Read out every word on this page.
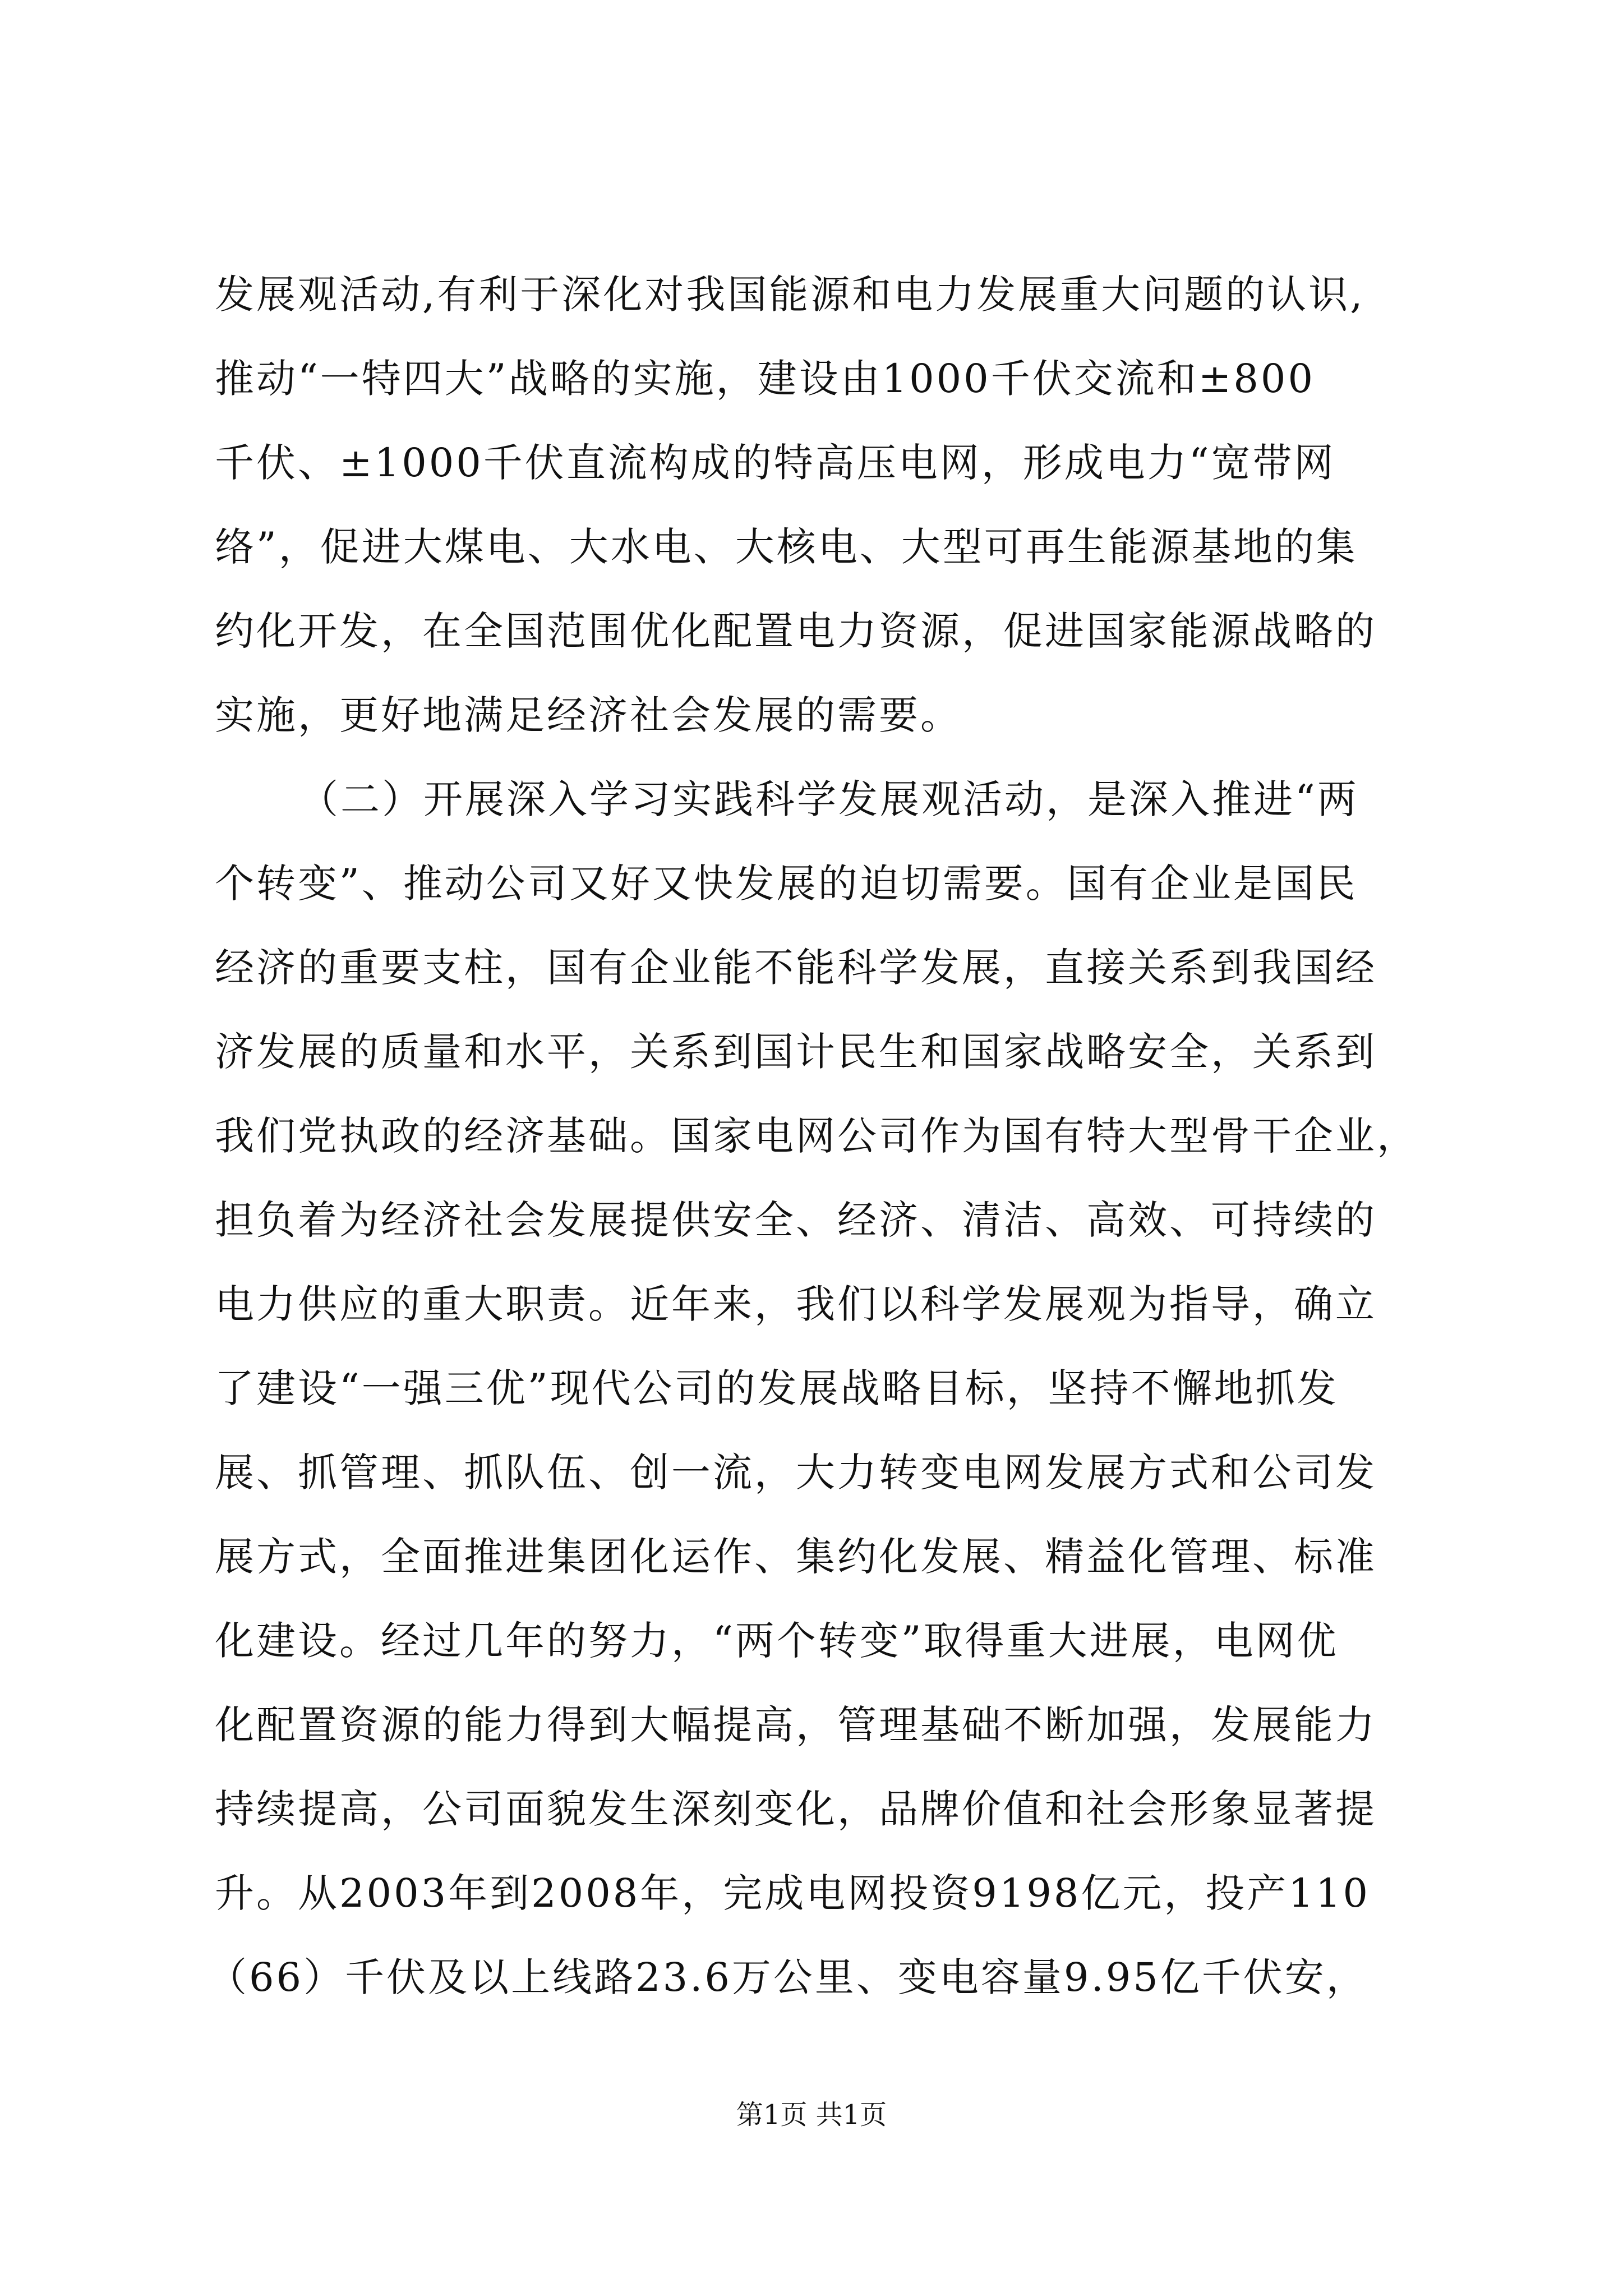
发展观活动,有利于深化对我国能源和电力发展重大问题的认识,
推动“一特四大”战略的实施，建设由1000千伏交流和±800
千伏、±1000千伏直流构成的特高压电网，形成电力“宽带网
络”，促进大煤电、大水电、大核电、大型可再生能源基地的集
约化开发，在全国范围优化配置电力资源，促进国家能源战略的
实施，更好地满足经济社会发展的需要。
（二）开展深入学习实践科学发展观活动，是深入推进“两
个转变”、推动公司又好又快发展的迫切需要。国有企业是国民
经济的重要支柱，国有企业能不能科学发展，直接关系到我国经
济发展的质量和水平，关系到国计民生和国家战略安全，关系到
我们党执政的经济基础。国家电网公司作为国有特大型骨干企业，
担负着为经济社会发展提供安全、经济、清洁、高效、可持续的
电力供应的重大职责。近年来，我们以科学发展观为指导，确立
了建设“一强三优”现代公司的发展战略目标，坚持不懈地抓发
展、抓管理、抓队伍、创一流，大力转变电网发展方式和公司发
展方式，全面推进集团化运作、集约化发展、精益化管理、标准
化建设。经过几年的努力，“两个转变”取得重大进展，电网优
化配置资源的能力得到大幅提高，管理基础不断加强，发展能力
持续提高，公司面貌发生深刻变化，品牌价值和社会形象显著提
升。从2003年到2008年，完成电网投资9198亿元，投产110
（66）千伏及以上线路23.6万公里、变电容量9.95亿千伏安，
第1页 共1页
